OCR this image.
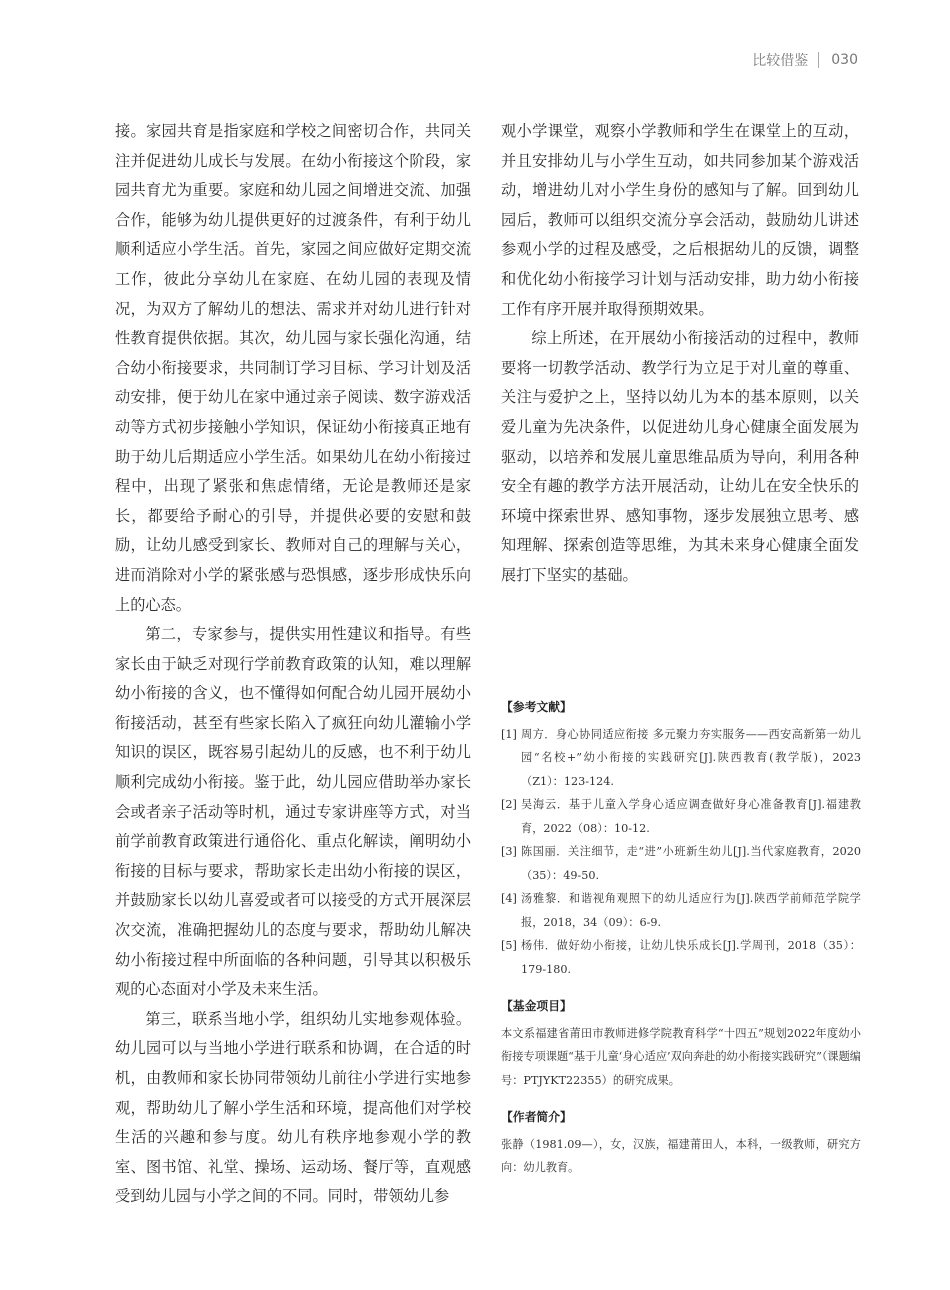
比较借鉴 030

接。家园共育是指家庭和学校之间密切合作，共同关注并促进幼儿成长与发展。在幼小衔接这个阶段，家园共育尤为重要。家庭和幼儿园之间增进交流、加强合作，能够为幼儿提供更好的过渡条件，有利于幼儿顺利适应小学生活。首先，家园之间应做好定期交流工作，彼此分享幼儿在家庭、在幼儿园的表现及情况，为双方了解幼儿的想法、需求并对幼儿进行针对性教育提供依据。其次，幼儿园与家长强化沟通，结合幼小衔接要求，共同制订学习目标、学习计划及活动安排，便于幼儿在家中通过亲子阅读、数字游戏活动等方式初步接触小学知识，保证幼小衔接真正地有助于幼儿后期适应小学生活。如果幼儿在幼小衔接过程中，出现了紧张和焦虑情绪，无论是教师还是家长，都要给予耐心的引导，并提供必要的安慰和鼓励，让幼儿感受到家长、教师对自己的理解与关心，进而消除对小学的紧张感与恐惧感，逐步形成快乐向上的心态。

第二，专家参与，提供实用性建议和指导。有些家长由于缺乏对现行学前教育政策的认知，难以理解幼小衔接的含义，也不懂得如何配合幼儿园开展幼小衔接活动，甚至有些家长陷入了疯狂向幼儿灌输小学知识的误区，既容易引起幼儿的反感，也不利于幼儿顺利完成幼小衔接。鉴于此，幼儿园应借助举办家长会或者亲子活动等时机，通过专家讲座等方式，对当前学前教育政策进行通俗化、重点化解读，阐明幼小衔接的目标与要求，帮助家长走出幼小衔接的误区，并鼓励家长以幼儿喜爱或者可以接受的方式开展深层次交流，准确把握幼儿的态度与要求，帮助幼儿解决幼小衔接过程中所面临的各种问题，引导其以积极乐观的心态面对小学及未来生活。

第三，联系当地小学，组织幼儿实地参观体验。幼儿园可以与当地小学进行联系和协调，在合适的时机，由教师和家长协同带领幼儿前往小学进行实地参观，帮助幼儿了解小学生活和环境，提高他们对学校生活的兴趣和参与度。幼儿有秩序地参观小学的教室、图书馆、礼堂、操场、运动场、餐厅等，直观感受到幼儿园与小学之间的不同。同时，带领幼儿参

观小学课堂，观察小学教师和学生在课堂上的互动，并且安排幼儿与小学生互动，如共同参加某个游戏活动，增进幼儿对小学生身份的感知与了解。回到幼儿园后，教师可以组织交流分享会活动，鼓励幼儿讲述参观小学的过程及感受，之后根据幼儿的反馈，调整和优化幼小衔接学习计划与活动安排，助力幼小衔接工作有序开展并取得预期效果。

综上所述，在开展幼小衔接活动的过程中，教师要将一切教学活动、教学行为立足于对儿童的尊重、关注与爱护之上，坚持以幼儿为本的基本原则，以关爱儿童为先决条件，以促进幼儿身心健康全面发展为驱动，以培养和发展儿童思维品质为导向，利用各种安全有趣的教学方法开展活动，让幼儿在安全快乐的环境中探索世界、感知事物，逐步发展独立思考、感知理解、探索创造等思维，为其未来身心健康全面发展打下坚实的基础。

【参考文献】
[1] 周方．身心协同适应衔接 多元聚力夯实服务——西安高新第一幼儿园“名校+”幼小衔接的实践研究[J].陕西教育(教学版)，2023（Z1）：123-124.
[2] 吴海云．基于儿童入学身心适应调查做好身心准备教育[J].福建教育，2022（08）：10-12.
[3] 陈国丽．关注细节，走“进”小班新生幼儿[J].当代家庭教育，2020（35）：49-50.
[4] 汤雅黎．和谐视角观照下的幼儿适应行为[J].陕西学前师范学院学报，2018，34（09）：6-9.
[5] 杨伟．做好幼小衔接，让幼儿快乐成长[J].学周刊，2018（35）：179-180.
【基金项目】

本文系福建省莆田市教师进修学院教育科学“十四五”规划2022年度幼小衔接专项课题“基于儿童‘身心适应’双向奔赴的幼小衔接实践研究”（课题编号：PTJYKT22355）的研究成果。

【作者简介】

张静（1981.09—），女，汉族，福建莆田人，本科，一级教师，研究方向：幼儿教育。
